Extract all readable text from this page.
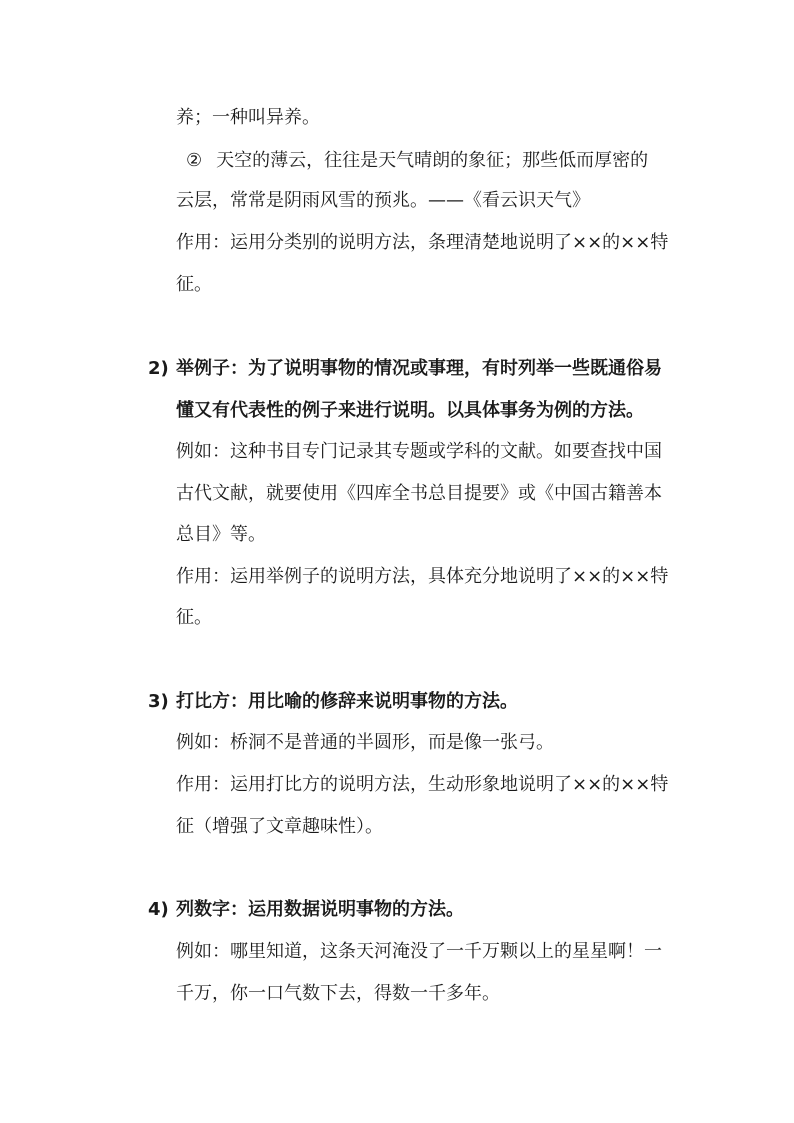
养；一种叫异养。
② 天空的薄云，往往是天气晴朗的象征；那些低而厚密的
云层，常常是阴雨风雪的预兆。——《看云识天气》
作用：运用分类别的说明方法，条理清楚地说明了××的××特
征。
2) 举例子：为了说明事物的情况或事理，有时列举一些既通俗易
懂又有代表性的例子来进行说明。以具体事务为例的方法。
例如：这种书目专门记录其专题或学科的文献。如要查找中国
古代文献，就要使用《四库全书总目提要》或《中国古籍善本
总目》等。
作用：运用举例子的说明方法，具体充分地说明了××的××特
征。
3) 打比方：用比喻的修辞来说明事物的方法。
例如：桥洞不是普通的半圆形，而是像一张弓。
作用：运用打比方的说明方法，生动形象地说明了××的××特
征（增强了文章趣味性）。
4) 列数字：运用数据说明事物的方法。
例如：哪里知道，这条天河淹没了一千万颗以上的星星啊！一
千万，你一口气数下去，得数一千多年。
